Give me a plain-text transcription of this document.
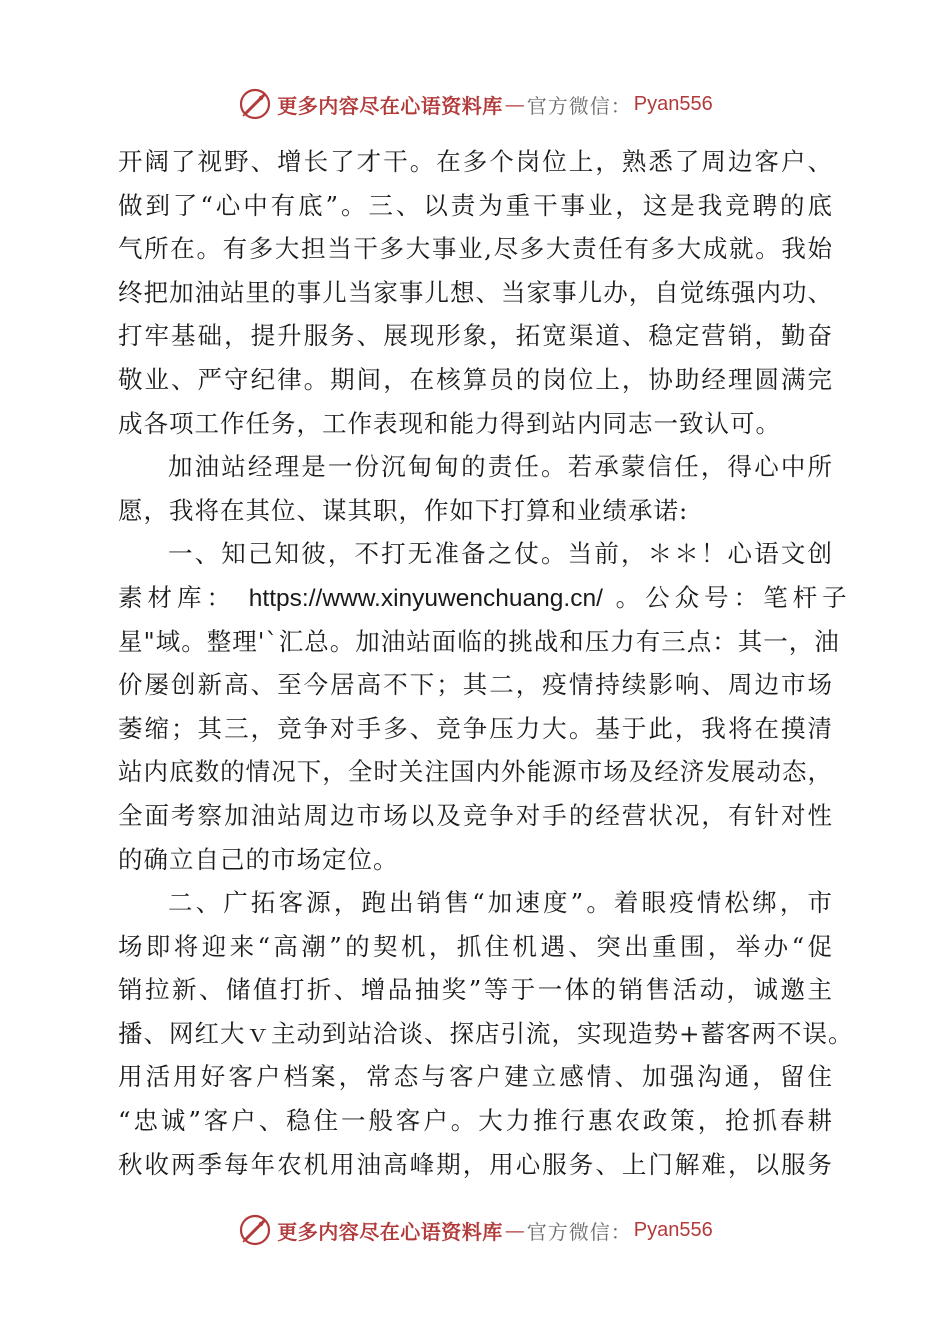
更多内容尽在心语资料库 — 官方微信： Pyan556
开阔了视野、增长了才干。在多个岗位上，熟悉了周边客户、
做到了“心中有底”。三、以责为重干事业，这是我竞聘的底
气所在。有多大担当干多大事业,尽多大责任有多大成就。我始
终把加油站里的事儿当家事儿想、当家事儿办，自觉练强内功、
打牢基础，提升服务、展现形象，拓宽渠道、稳定营销，勤奋
敬业、严守纪律。期间，在核算员的岗位上，协助经理圆满完
成各项工作任务，工作表现和能力得到站内同志一致认可。
加油站经理是一份沉甸甸的责任。若承蒙信任，得心中所
愿，我将在其位、谋其职，作如下打算和业绩承诺:
一、知己知彼，不打无准备之仗。当前，＊＊！心语文创
素材库： https://www.xinyuwenchuang.cn/ 。公众号：笔杆子
星"域。整理'`汇总。加油站面临的挑战和压力有三点：其一，油
价屡创新高、至今居高不下；其二，疫情持续影响、周边市场
萎缩；其三，竞争对手多、竞争压力大。基于此，我将在摸清
站内底数的情况下，全时关注国内外能源市场及经济发展动态，
全面考察加油站周边市场以及竞争对手的经营状况，有针对性
的确立自己的市场定位。
二、广拓客源，跑出销售“加速度”。着眼疫情松绑，市
场即将迎来“高潮”的契机，抓住机遇、突出重围，举办“促
销拉新、储值打折、增品抽奖”等于一体的销售活动，诚邀主
播、网红大ｖ主动到站洽谈、探店引流，实现造势+蓄客两不误。
用活用好客户档案，常态与客户建立感情、加强沟通，留住
“忠诚”客户、稳住一般客户。大力推行惠农政策，抢抓春耕
秋收两季每年农机用油高峰期，用心服务、上门解难，以服务
更多内容尽在心语资料库 — 官方微信： Pyan556
